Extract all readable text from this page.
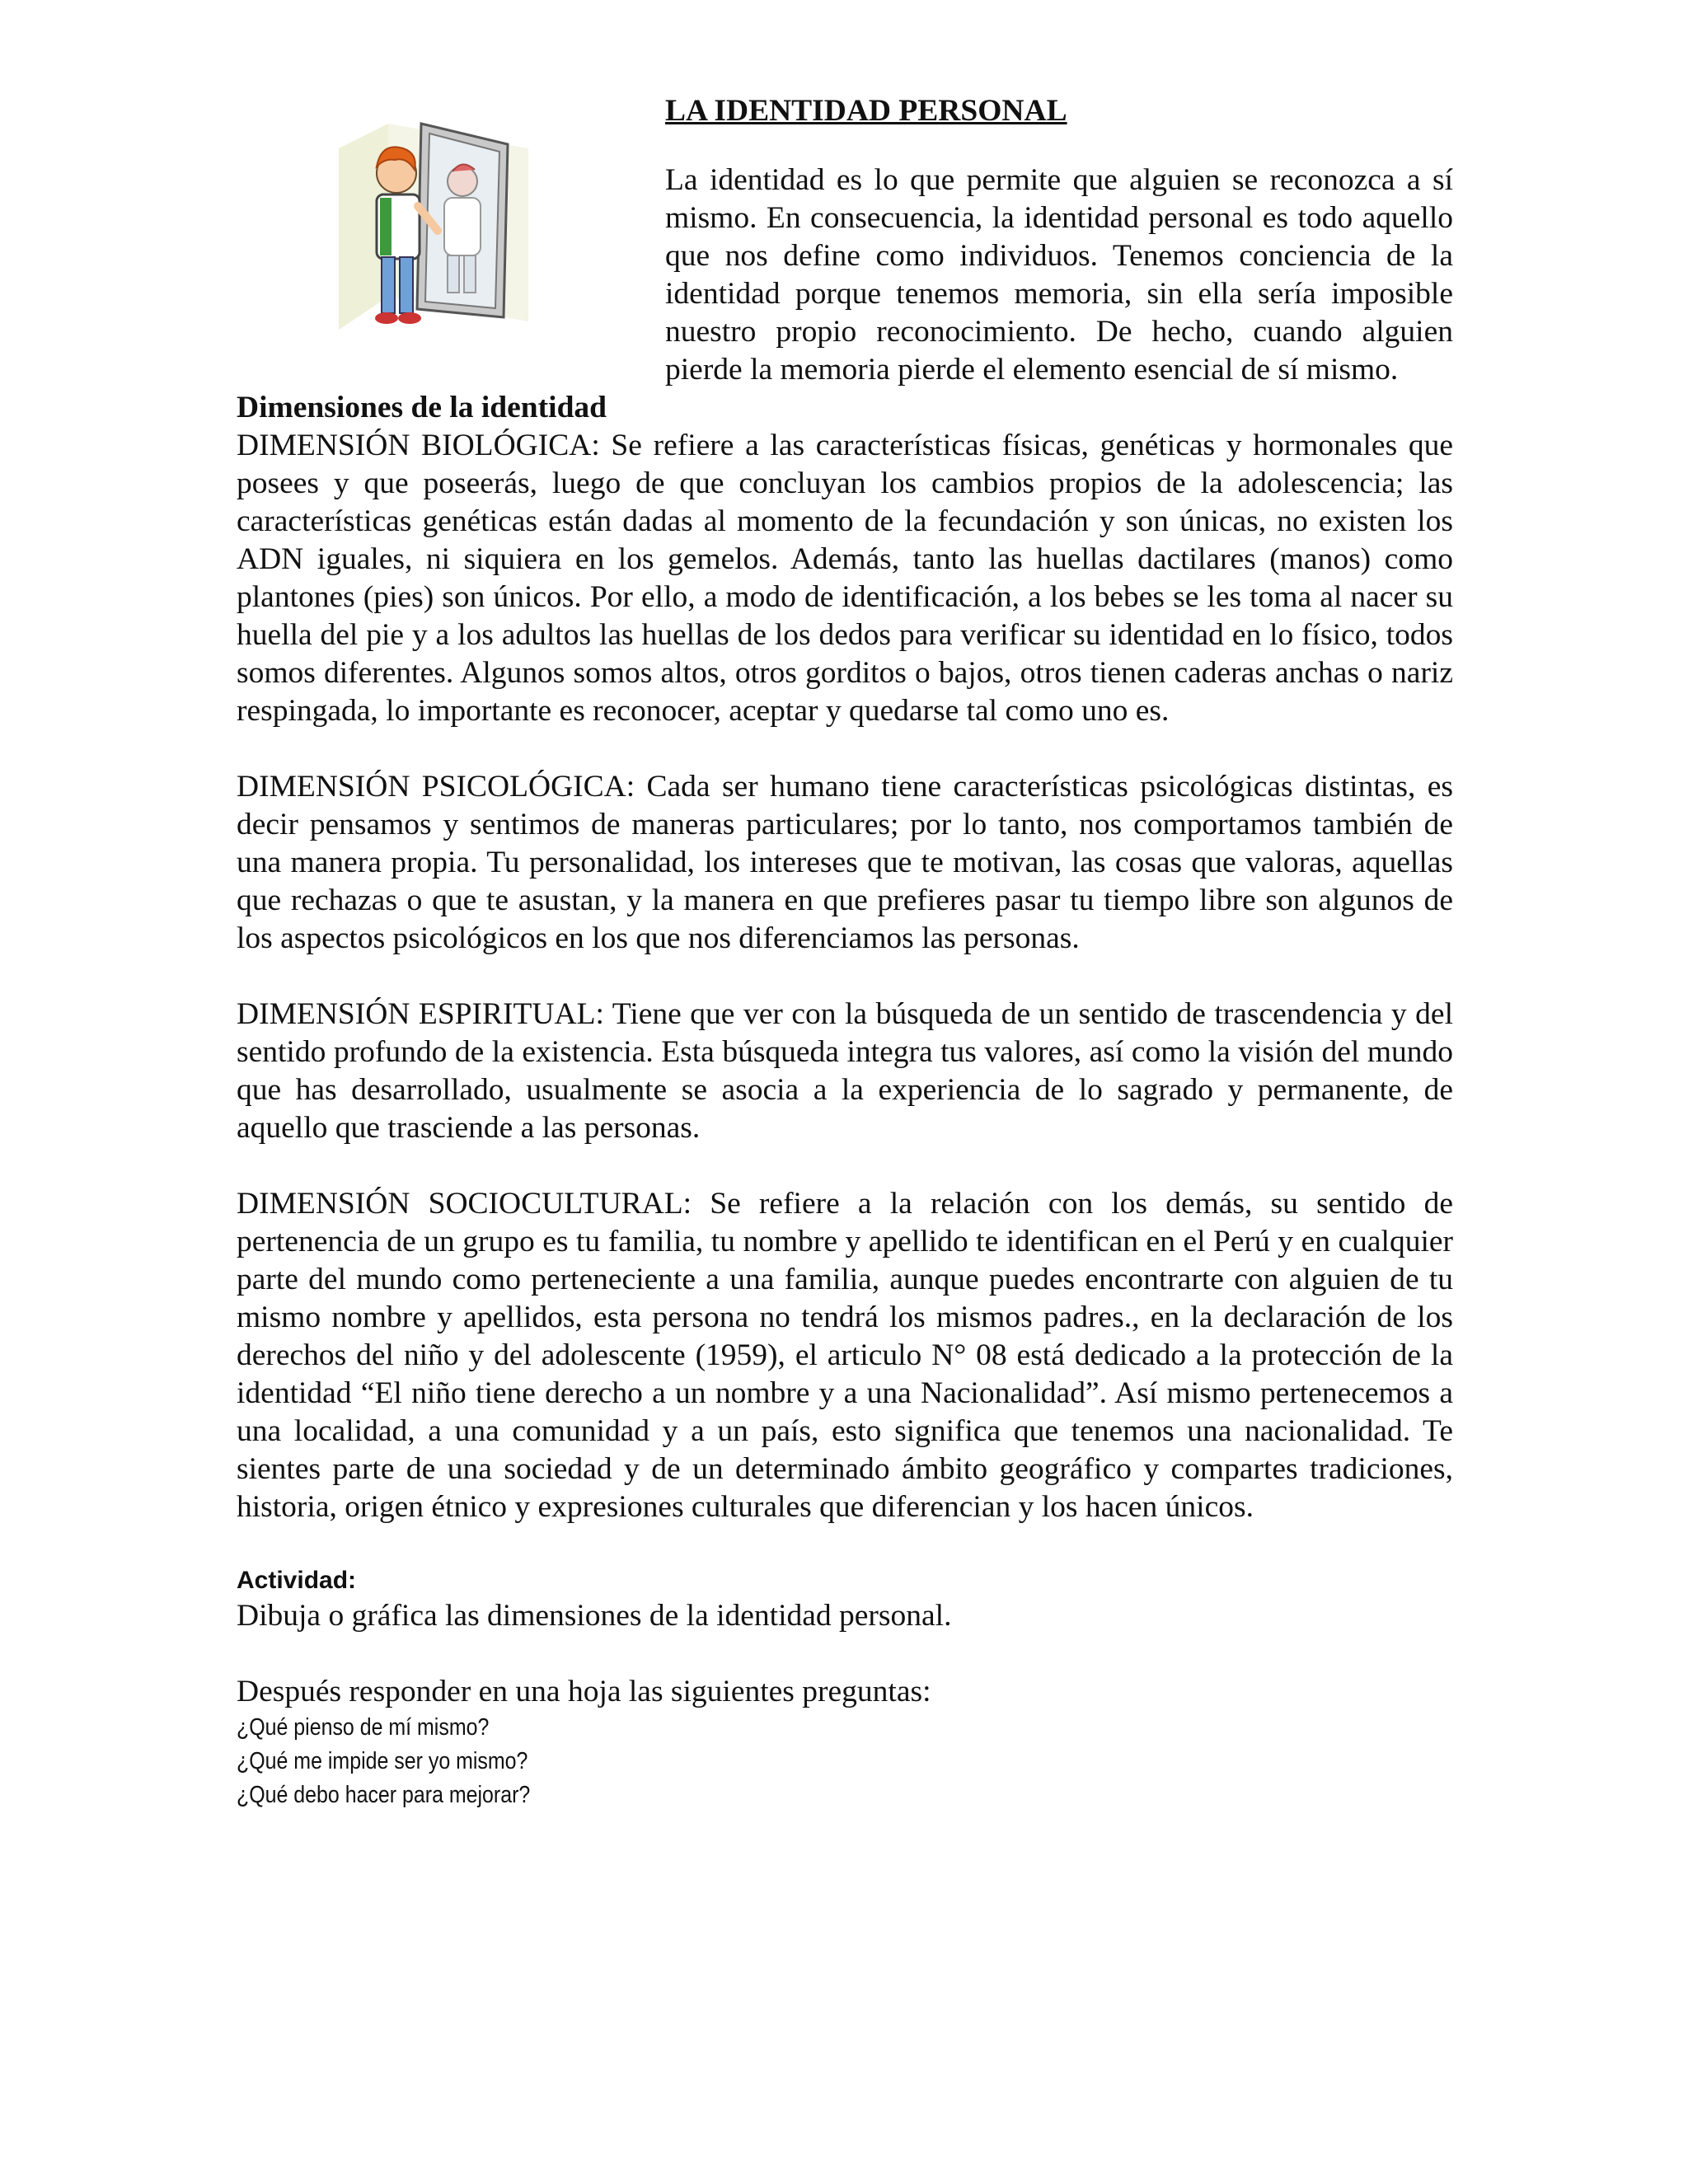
LA IDENTIDAD PERSONAL

La identidad es lo que permite que alguien se reconozca a sí mismo. En consecuencia, la identidad personal es todo aquello que nos define como individuos. Tenemos conciencia de la identidad porque tenemos memoria, sin ella sería imposible nuestro propio reconocimiento. De hecho, cuando alguien pierde la memoria pierde el elemento esencial de sí mismo.

Dimensiones de la identidad

DIMENSIÓN BIOLÓGICA: Se refiere a las características físicas, genéticas y hormonales que posees y que poseerás, luego de que concluyan los cambios propios de la adolescencia; las características genéticas están dadas al momento de la fecundación y son únicas, no existen los ADN iguales, ni siquiera en los gemelos. Además, tanto las huellas dactilares (manos) como plantones (pies) son únicos. Por ello, a modo de identificación, a los bebes se les toma al nacer su huella del pie y a los adultos las huellas de los dedos para verificar su identidad en lo físico, todos somos diferentes. Algunos somos altos, otros gorditos o bajos, otros tienen caderas anchas o nariz respingada, lo importante es reconocer, aceptar y quedarse tal como uno es.

DIMENSIÓN PSICOLÓGICA: Cada ser humano tiene características psicológicas distintas, es decir pensamos y sentimos de maneras particulares; por lo tanto, nos comportamos también de una manera propia. Tu personalidad, los intereses que te motivan, las cosas que valoras, aquellas que rechazas o que te asustan, y la manera en que prefieres pasar tu tiempo libre son algunos de los aspectos psicológicos en los que nos diferenciamos las personas.

DIMENSIÓN ESPIRITUAL: Tiene que ver con la búsqueda de un sentido de trascendencia y del sentido profundo de la existencia. Esta búsqueda integra tus valores, así como la visión del mundo que has desarrollado, usualmente se asocia a la experiencia de lo sagrado y permanente, de aquello que trasciende a las personas.

DIMENSIÓN SOCIOCULTURAL: Se refiere a la relación con los demás, su sentido de pertenencia de un grupo es tu familia, tu nombre y apellido te identifican en el Perú y en cualquier parte del mundo como perteneciente a una familia, aunque puedes encontrarte con alguien de tu mismo nombre y apellidos, esta persona no tendrá los mismos padres., en la declaración de los derechos del niño y del adolescente (1959), el articulo N° 08 está dedicado a la protección de la identidad “El niño tiene derecho a un nombre y a una Nacionalidad”. Así mismo pertenecemos a una localidad, a una comunidad y a un país, esto significa que tenemos una nacionalidad. Te sientes parte de una sociedad y de un determinado ámbito geográfico y compartes tradiciones, historia, origen étnico y expresiones culturales que diferencian y los hacen únicos.

Actividad:

Dibuja o gráfica las dimensiones de la identidad personal.

Después responder en una hoja las siguientes preguntas:

¿Qué pienso de mí mismo?

¿Qué me impide ser yo mismo?

¿Qué debo hacer para mejorar?
